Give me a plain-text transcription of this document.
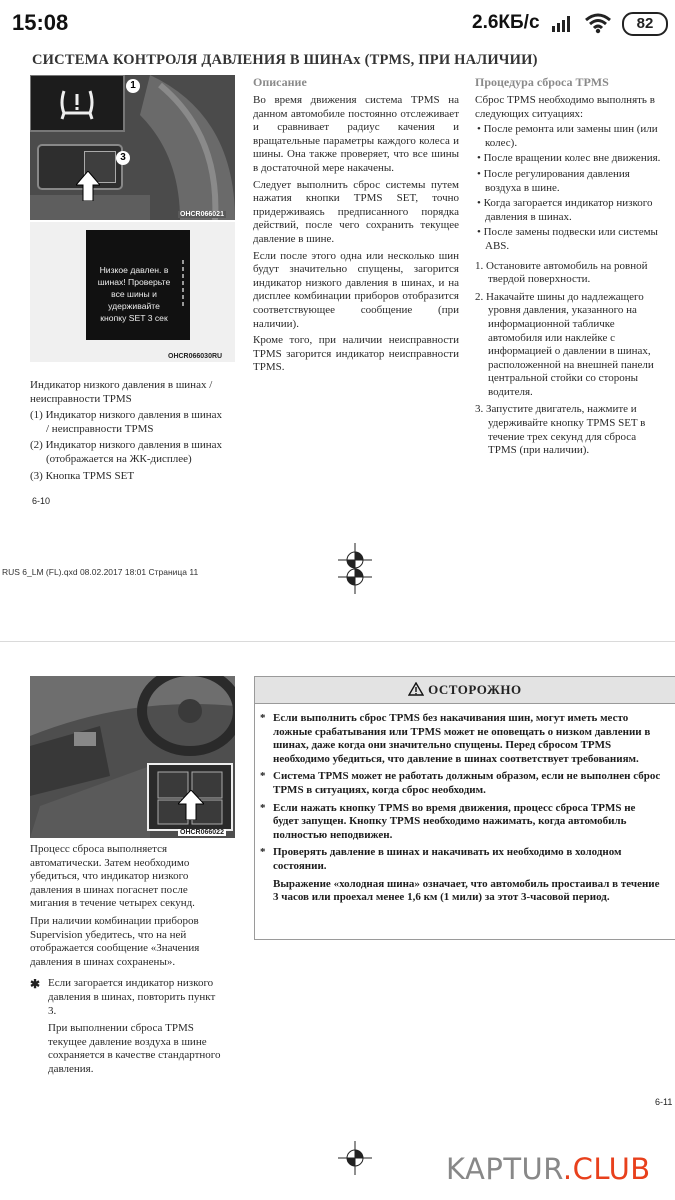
15:08	2.6КБ/с	82
СИСТЕМА КОНТРОЛЯ ДАВЛЕНИЯ В ШИНАх (TPMS, ПРИ НАЛИЧИИ)
1
3
OHCR066021
Низкое давлен. в
шинах! Проверьте
все шины и
удерживайте
кнопку SET 3 сек
OHCR066030RU

Индикатор низкого давления в шинах / неисправности TPMS

(1) Индикатор низкого давления в шинах / неисправности TPMS

(2) Индикатор низкого давления в шинах (отображается на ЖК-дисплее)

(3) Кнопка TPMS SET

6-10
Описание

Во время движения система TPMS на данном автомобиле постоянно отслеживает и сравнивает радиус качения и вращательные параметры каждого колеса и шины. Она также проверяет, что все шины в достаточной мере накачены.

Следует выполнить сброс системы путем нажатия кнопки TPMS SET, точно придерживаясь предписанного порядка действий, после чего сохранить текущее давление в шине.

Если после этого одна или несколько шин будут значительно спущены, загорится индикатор низкого давления в шинах, и на дисплее комбинации приборов отобразится соответствующее сообщение (при наличии).

Кроме того, при наличии неисправности TPMS загорится индикатор неисправности TPMS.

Процедура сброса TPMS

Сброс TPMS необходимо выполнять в следующих ситуациях:

• После ремонта или замены шин (или колес).

• После вращении колес вне движения.

• После регулирования давления воздуха в шине.

• Когда загорается индикатор низкого давления в шинах.

• После замены подвески или системы ABS.

1. Остановите автомобиль на ровной твердой поверхности.

2. Накачайте шины до надлежащего уровня давления, указанного на информационной табличке автомобиля или наклейке с информацией о давлении в шинах, расположенной на внешней панели центральной стойки со стороны водителя.

3. Запустите двигатель, нажмите и удерживайте кнопку TPMS SET в течение трех секунд для сброса TPMS (при наличии).

RUS 6_LM (FL).qxd 08.02.2017 18:01 Страница 11
OHCR066022

Процесс сброса выполняется автоматически. Затем необходимо убедиться, что индикатор низкого давления в шинах погаснет после мигания в течение четырех секунд.

При наличии комбинации приборов Supervision убедитесь, что на ней отображается сообщение «Значения давления в шинах сохранены».

✱ Если загорается индикатор низкого давления в шинах, повторить пункт 3.

При выполнении сброса TPMS текущее давление воздуха в шине сохраняется в качестве стандартного давления.

ОСТОРОЖНО

* Если выполнить сброс TPMS без накачивания шин, могут иметь место ложные срабатывания или TPMS может не оповещать о низком давлении в шинах, даже когда они значительно спущены. Перед сбросом TPMS необходимо убедиться, что давление в шинах соответствует требованиям.

* Система TPMS может не работать должным образом, если не выполнен сброс TPMS в ситуациях, когда сброс необходим.

* Если нажать кнопку TPMS во время движения, процесс сброса TPMS не будет запущен. Кнопку TPMS необходимо нажимать, когда автомобиль полностью неподвижен.

* Проверять давление в шинах и накачивать их необходимо в холодном состоянии.

Выражение «холодная шина» означает, что автомобиль простаивал в течение 3 часов или проехал менее 1,6 км (1 мили) за этот 3-часовой период.

6-11
KAPTUR.CLUB
